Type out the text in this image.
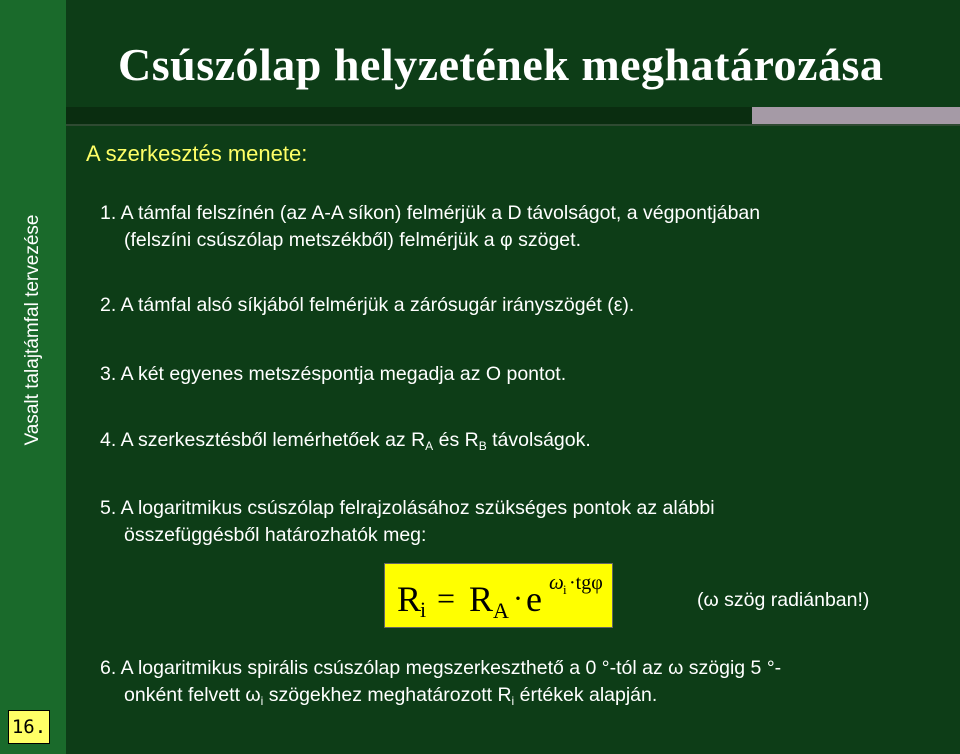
Vasalt talajtámfal tervezése
16.
Csúszólap helyzetének meghatározása
A szerkesztés menete:
1. A támfal felszínén (az A-A síkon) felmérjük a D távolságot, a végpontjában
(felszíni csúszólap metszékből) felmérjük a φ szöget.
2. A támfal alsó síkjából felmérjük a zárósugár irányszögét (ε).
3. A két egyenes metszéspontja megadja az O pontot.
4. A szerkesztésből lemérhetőek az $R_A$ és $R_B$ távolságok.
5. A logaritmikus csúszólap felrajzolásához szükséges pontok az alábbi
összefüggésből határozhatók meg:
R
i = R A · e ω i ·tgφ
(ω szög radiánban!)
6. A logaritmikus spirális csúszólap megszerkeszthető a 0 °-tól az ω szögig 5 °-
onként felvett $\omega_i$ szögekhez meghatározott $R_i$ értékek alapján.
